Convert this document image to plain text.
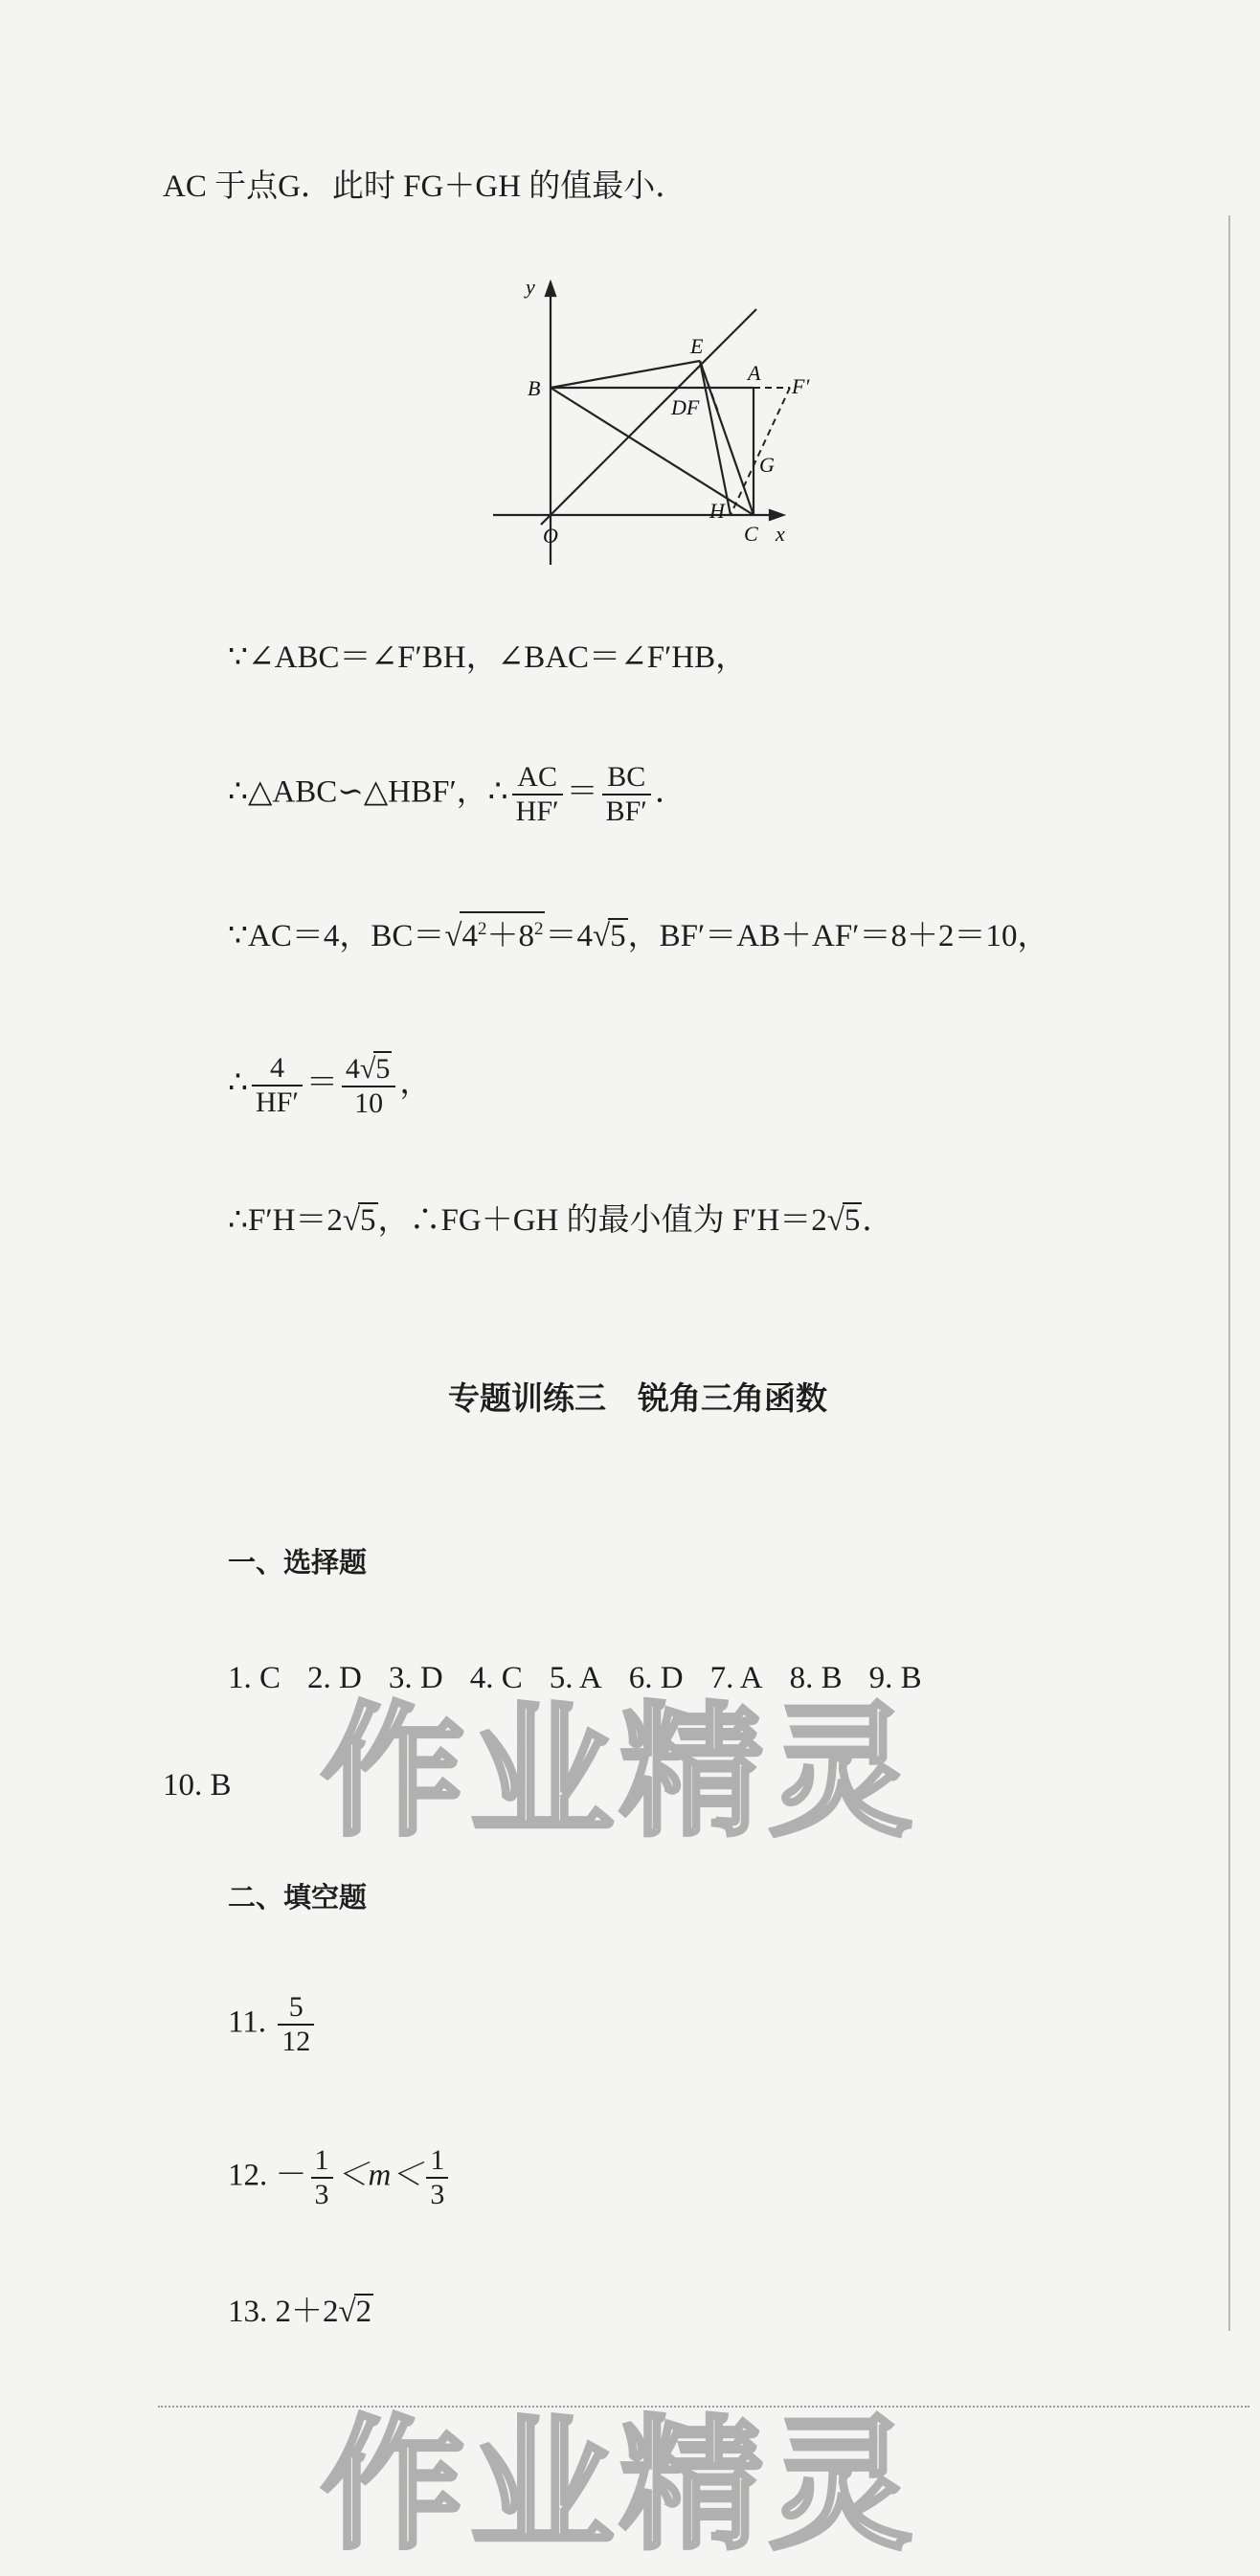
AC 于点G．此时 FG＋GH 的值最小．
y
x
O
B
E
A
F′
DF
G
H
C
∵∠ABC＝∠F′BH，∠BAC＝∠F′HB，
∴△ABC∽△HBF′，∴ $\frac{AC}{HF'} = \frac{BC}{BF'}$ ．
∵AC＝4，$BC=√4^2+8^2=4√5$，BF′＝AB＋AF′＝8＋2＝10，
∴ $\frac{4}{HF'} = \frac{4√5}{10}$ ，
∴F′H＝2√5，∴FG＋GH 的最小值为 F′H＝2√5．
专题训练三　锐角三角函数
一、选择题
1. C 2. D 3. D 4. C 5. A 6. D 7. A 8. B 9. B
10. B
二、填空题
11. $\frac{5}{12}$
12. － $\frac{1}{3} <m< \frac{1}{3}$
13. 2＋2√2
作业精灵
作业精灵
